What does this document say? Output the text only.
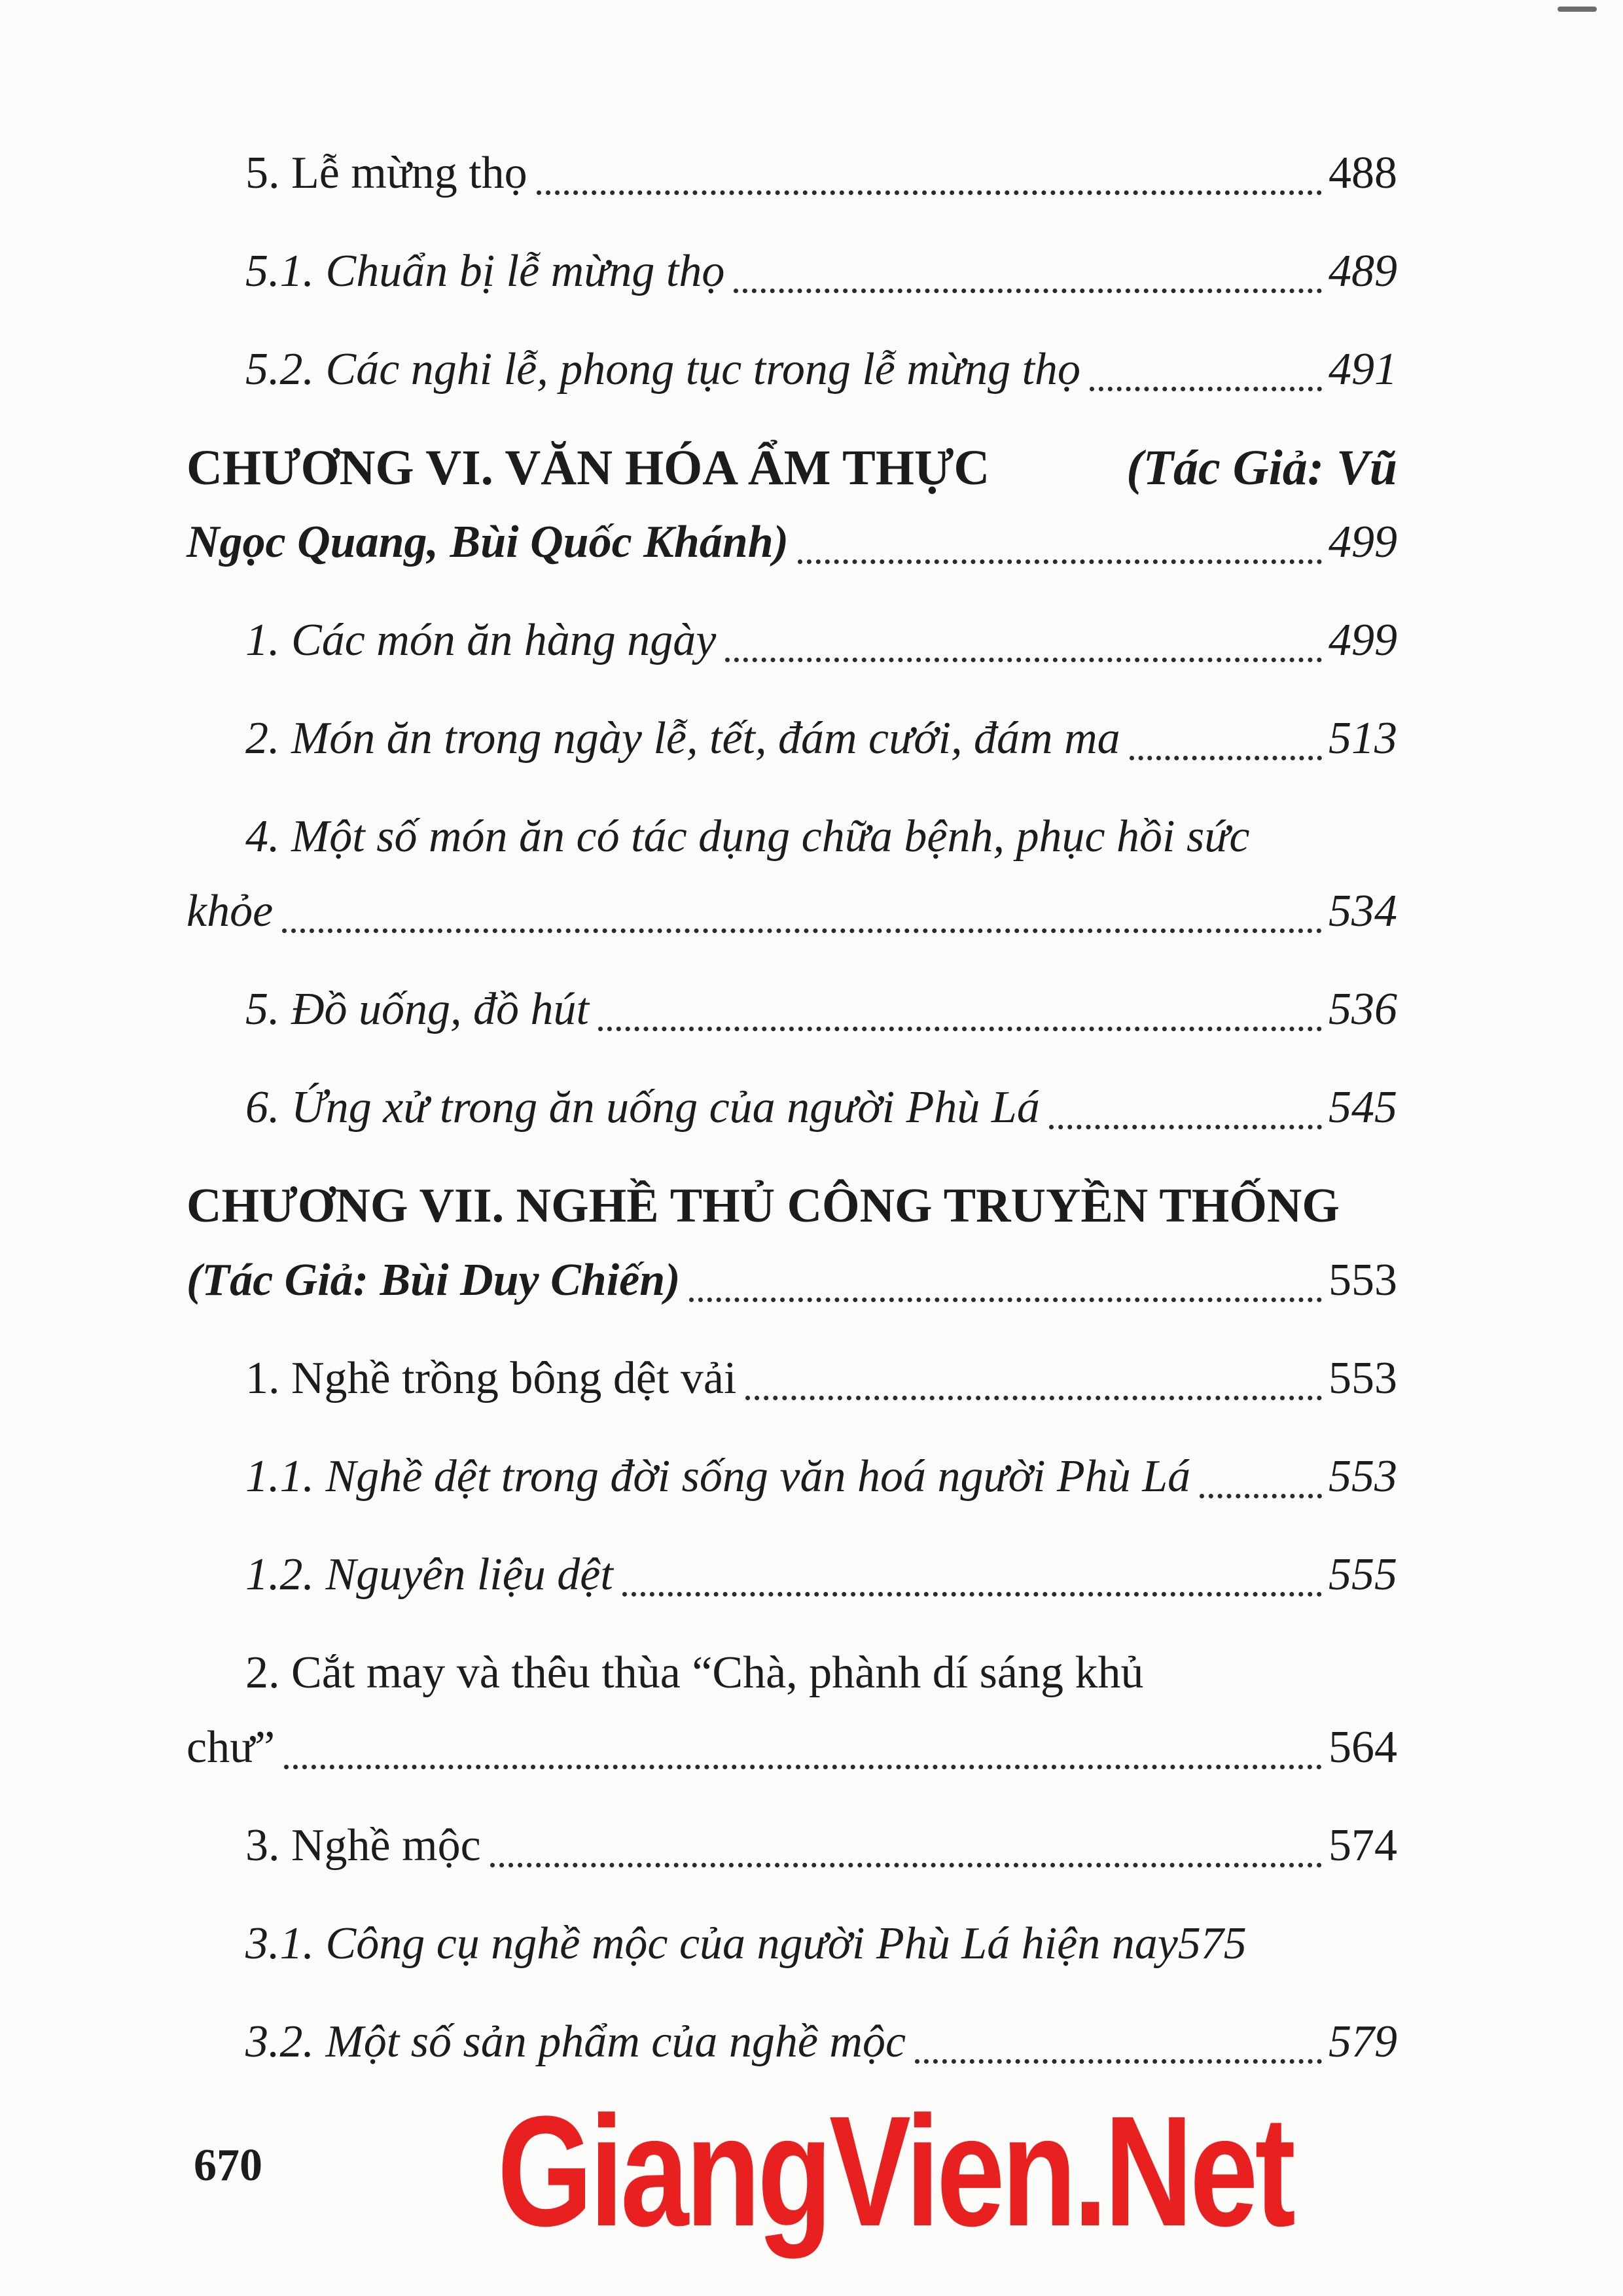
5. Lễ mừng thọ	488
5.1. Chuẩn bị lễ mừng thọ	489
5.2. Các nghi lễ, phong tục trong lễ mừng thọ	491
CHƯƠNG VI. VĂN HÓA ẨM THỰC	(Tác Giả: Vũ
Ngọc Quang, Bùi Quốc Khánh)	499
1. Các món ăn hàng ngày	499
2. Món ăn trong ngày lễ, tết, đám cưới, đám ma	513
4. Một số món ăn có tác dụng chữa bệnh, phục hồi sức
khỏe	534
5. Đồ uống, đồ hút	536
6. Ứng xử trong ăn uống của người Phù Lá	545
CHƯƠNG VII. NGHỀ THỦ CÔNG TRUYỀN THỐNG
(Tác Giả: Bùi Duy Chiến)	553
1. Nghề trồng bông dệt vải	553
1.1. Nghề dệt trong đời sống văn hoá người Phù Lá	553
1.2. Nguyên liệu dệt	555
2. Cắt may và thêu thùa “Chà, phành dí sáng khủ
chư”	564
3. Nghề mộc	574
3.1. Công cụ nghề mộc của người Phù Lá hiện nay 575
3.2. Một số sản phẩm của nghề mộc	579
670 GiangVien.Net
